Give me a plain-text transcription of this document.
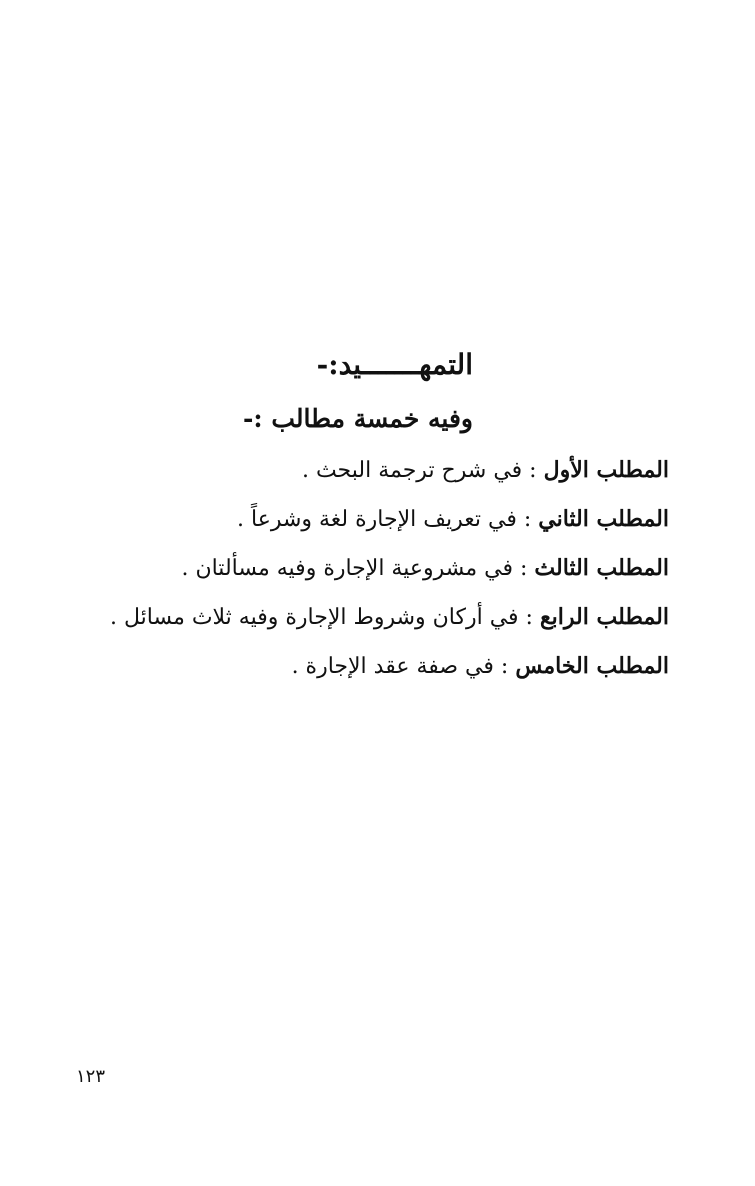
التمهـــــــيد:-
وفيه خمسة مطالب :-
المطلب الأول : في شرح ترجمة البحث .
المطلب الثاني : في تعريف الإجارة لغة وشرعاً .
المطلب الثالث : في مشروعية الإجارة وفيه مسألتان .
المطلب الرابع : في أركان وشروط الإجارة وفيه ثلاث مسائل .
المطلب الخامس : في صفة عقد الإجارة .
١٢٣
